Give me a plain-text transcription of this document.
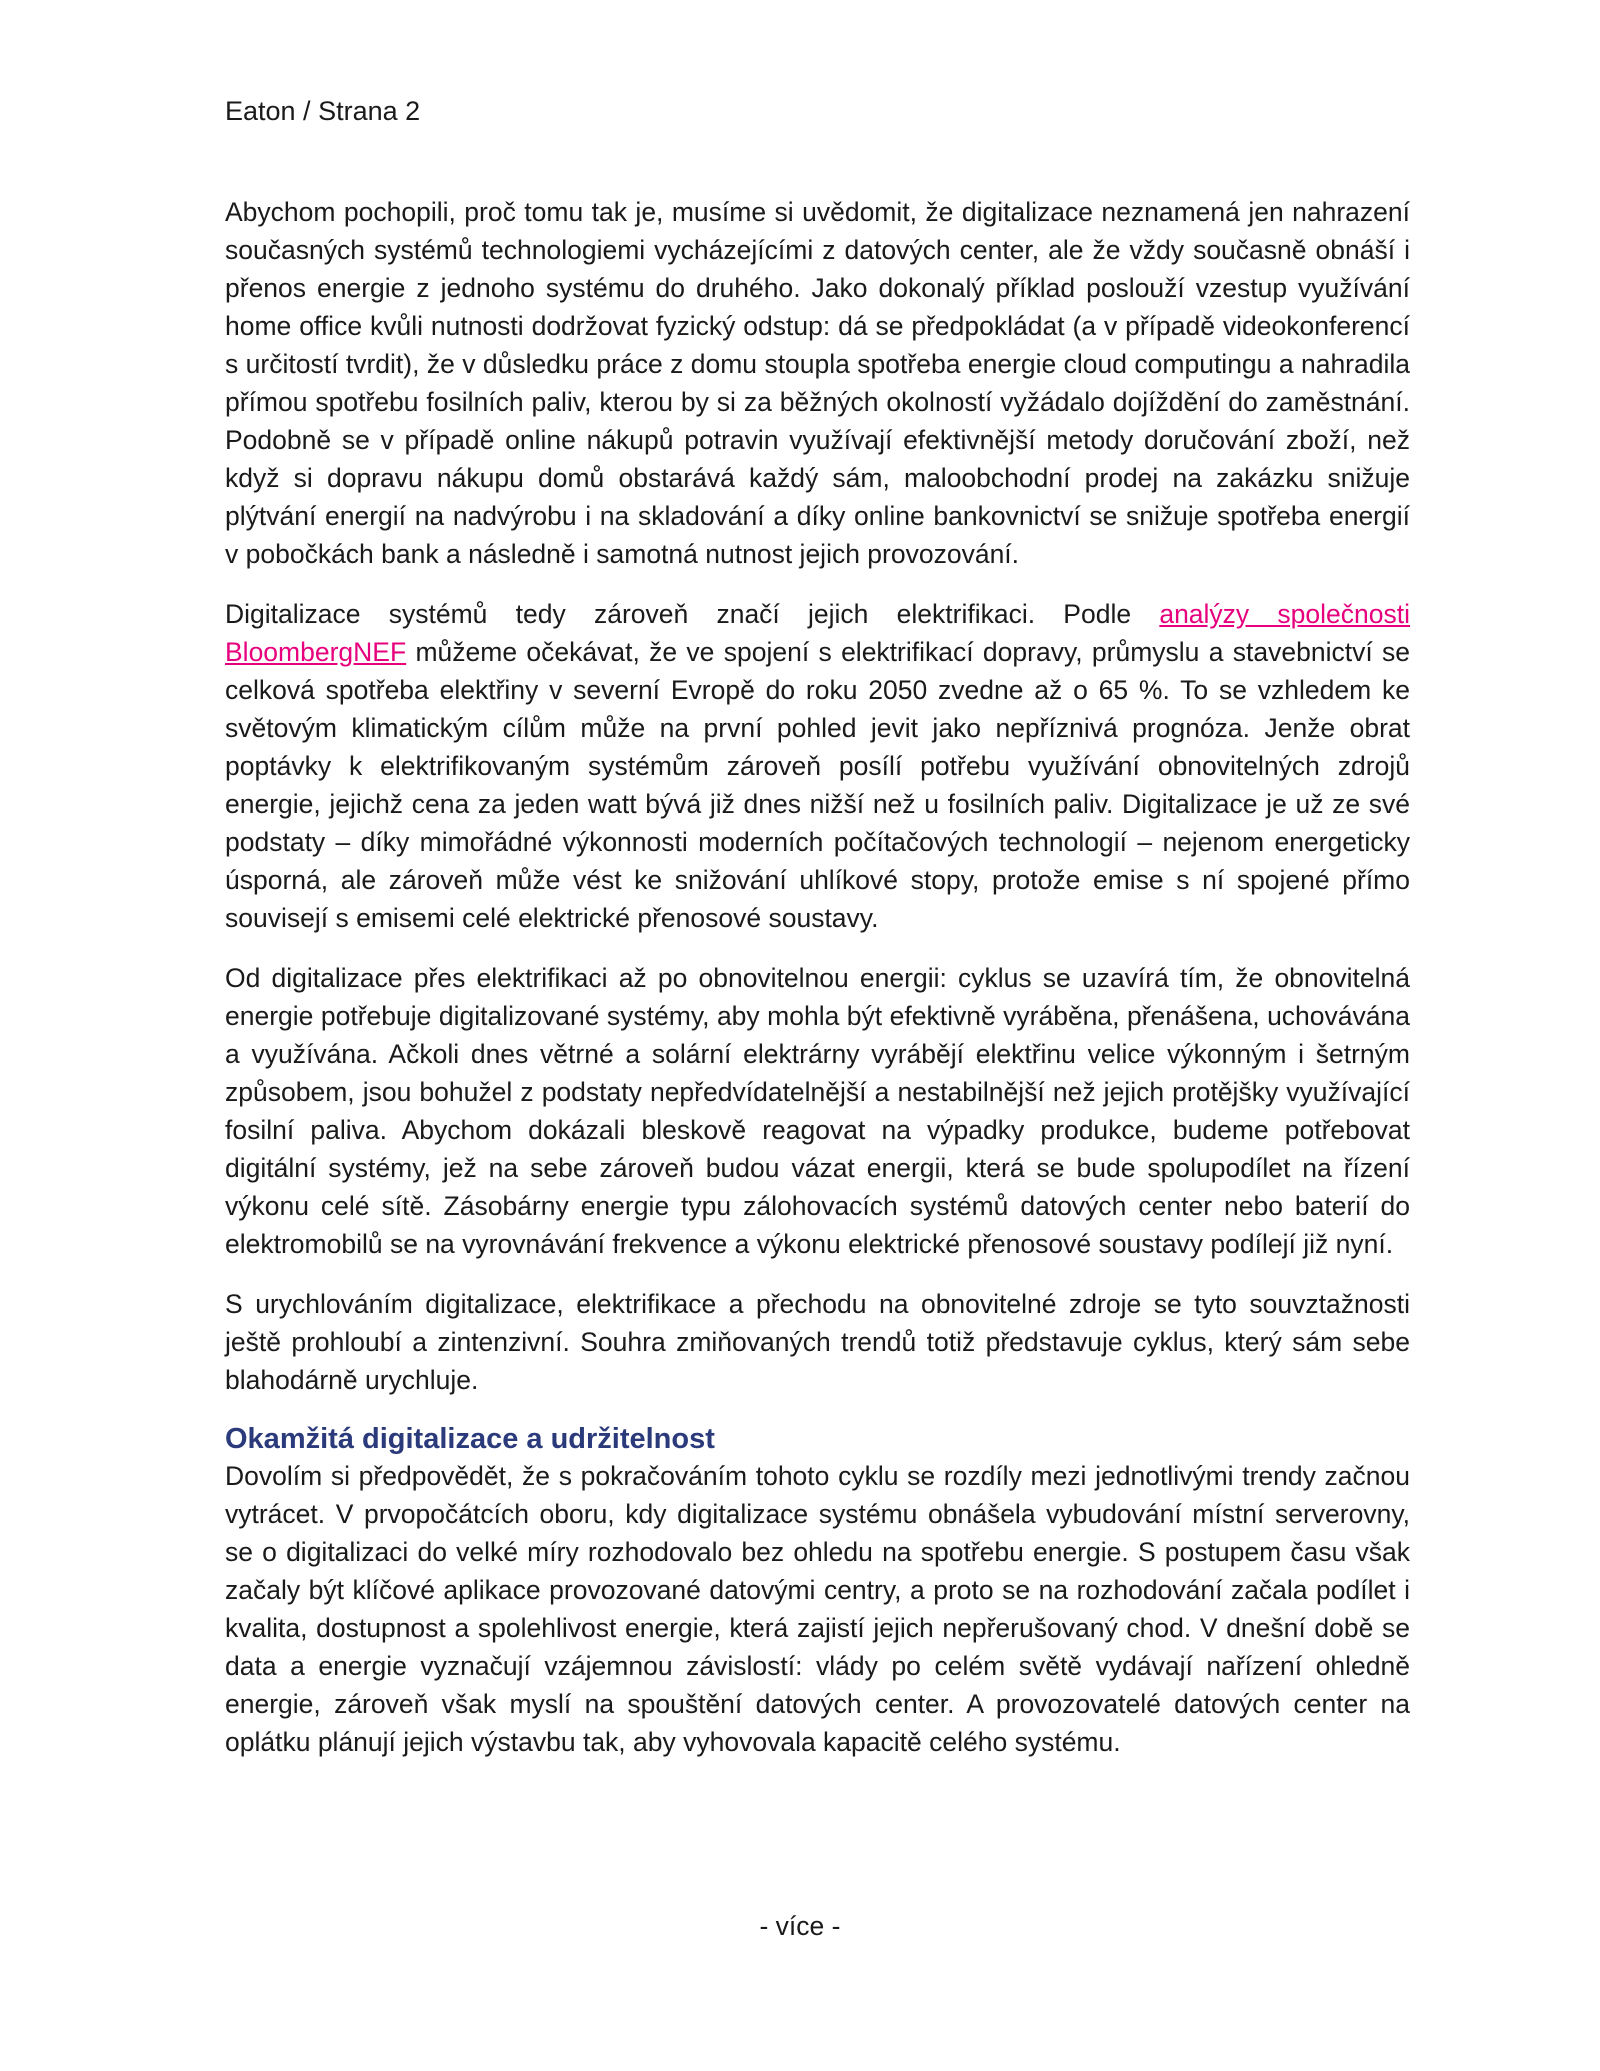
Eaton / Strana 2

Abychom pochopili, proč tomu tak je, musíme si uvědomit, že digitalizace neznamená jen nahrazení současných systémů technologiemi vycházejícími z datových center, ale že vždy současně obnáší i přenos energie z jednoho systému do druhého. Jako dokonalý příklad poslouží vzestup využívání home office kvůli nutnosti dodržovat fyzický odstup: dá se předpokládat (a v případě videokonferencí s určitostí tvrdit), že v důsledku práce z domu stoupla spotřeba energie cloud computingu a nahradila přímou spotřebu fosilních paliv, kterou by si za běžných okolností vyžádalo dojíždění do zaměstnání. Podobně se v případě online nákupů potravin využívají efektivnější metody doručování zboží, než když si dopravu nákupu domů obstarává každý sám, maloobchodní prodej na zakázku snižuje plýtvání energií na nadvýrobu i na skladování a díky online bankovnictví se snižuje spotřeba energií v pobočkách bank a následně i samotná nutnost jejich provozování.

Digitalizace systémů tedy zároveň značí jejich elektrifikaci. Podle analýzy společnosti BloombergNEF můžeme očekávat, že ve spojení s elektrifikací dopravy, průmyslu a stavebnictví se celková spotřeba elektřiny v severní Evropě do roku 2050 zvedne až o 65 %. To se vzhledem ke světovým klimatickým cílům může na první pohled jevit jako nepříznivá prognóza. Jenže obrat poptávky k elektrifikovaným systémům zároveň posílí potřebu využívání obnovitelných zdrojů energie, jejichž cena za jeden watt bývá již dnes nižší než u fosilních paliv. Digitalizace je už ze své podstaty – díky mimořádné výkonnosti moderních počítačových technologií – nejenom energeticky úsporná, ale zároveň může vést ke snižování uhlíkové stopy, protože emise s ní spojené přímo souvisejí s emisemi celé elektrické přenosové soustavy.

Od digitalizace přes elektrifikaci až po obnovitelnou energii: cyklus se uzavírá tím, že obnovitelná energie potřebuje digitalizované systémy, aby mohla být efektivně vyráběna, přenášena, uchovávána a využívána. Ačkoli dnes větrné a solární elektrárny vyrábějí elektřinu velice výkonným i šetrným způsobem, jsou bohužel z podstaty nepředvídatelnější a nestabilnější než jejich protějšky využívající fosilní paliva. Abychom dokázali bleskově reagovat na výpadky produkce, budeme potřebovat digitální systémy, jež na sebe zároveň budou vázat energii, která se bude spolupodílet na řízení výkonu celé sítě. Zásobárny energie typu zálohovacích systémů datových center nebo baterií do elektromobilů se na vyrovnávání frekvence a výkonu elektrické přenosové soustavy podílejí již nyní.

S urychlováním digitalizace, elektrifikace a přechodu na obnovitelné zdroje se tyto souvztažnosti ještě prohloubí a zintenzivní. Souhra zmiňovaných trendů totiž představuje cyklus, který sám sebe blahodárně urychluje.

Okamžitá digitalizace a udržitelnost

Dovolím si předpovědět, že s pokračováním tohoto cyklu se rozdíly mezi jednotlivými trendy začnou vytrácet. V prvopočátcích oboru, kdy digitalizace systému obnášela vybudování místní serverovny, se o digitalizaci do velké míry rozhodovalo bez ohledu na spotřebu energie. S postupem času však začaly být klíčové aplikace provozované datovými centry, a proto se na rozhodování začala podílet i kvalita, dostupnost a spolehlivost energie, která zajistí jejich nepřerušovaný chod. V dnešní době se data a energie vyznačují vzájemnou závislostí: vlády po celém světě vydávají nařízení ohledně energie, zároveň však myslí na spouštění datových center. A provozovatelé datových center na oplátku plánují jejich výstavbu tak, aby vyhovovala kapacitě celého systému.

- více -
